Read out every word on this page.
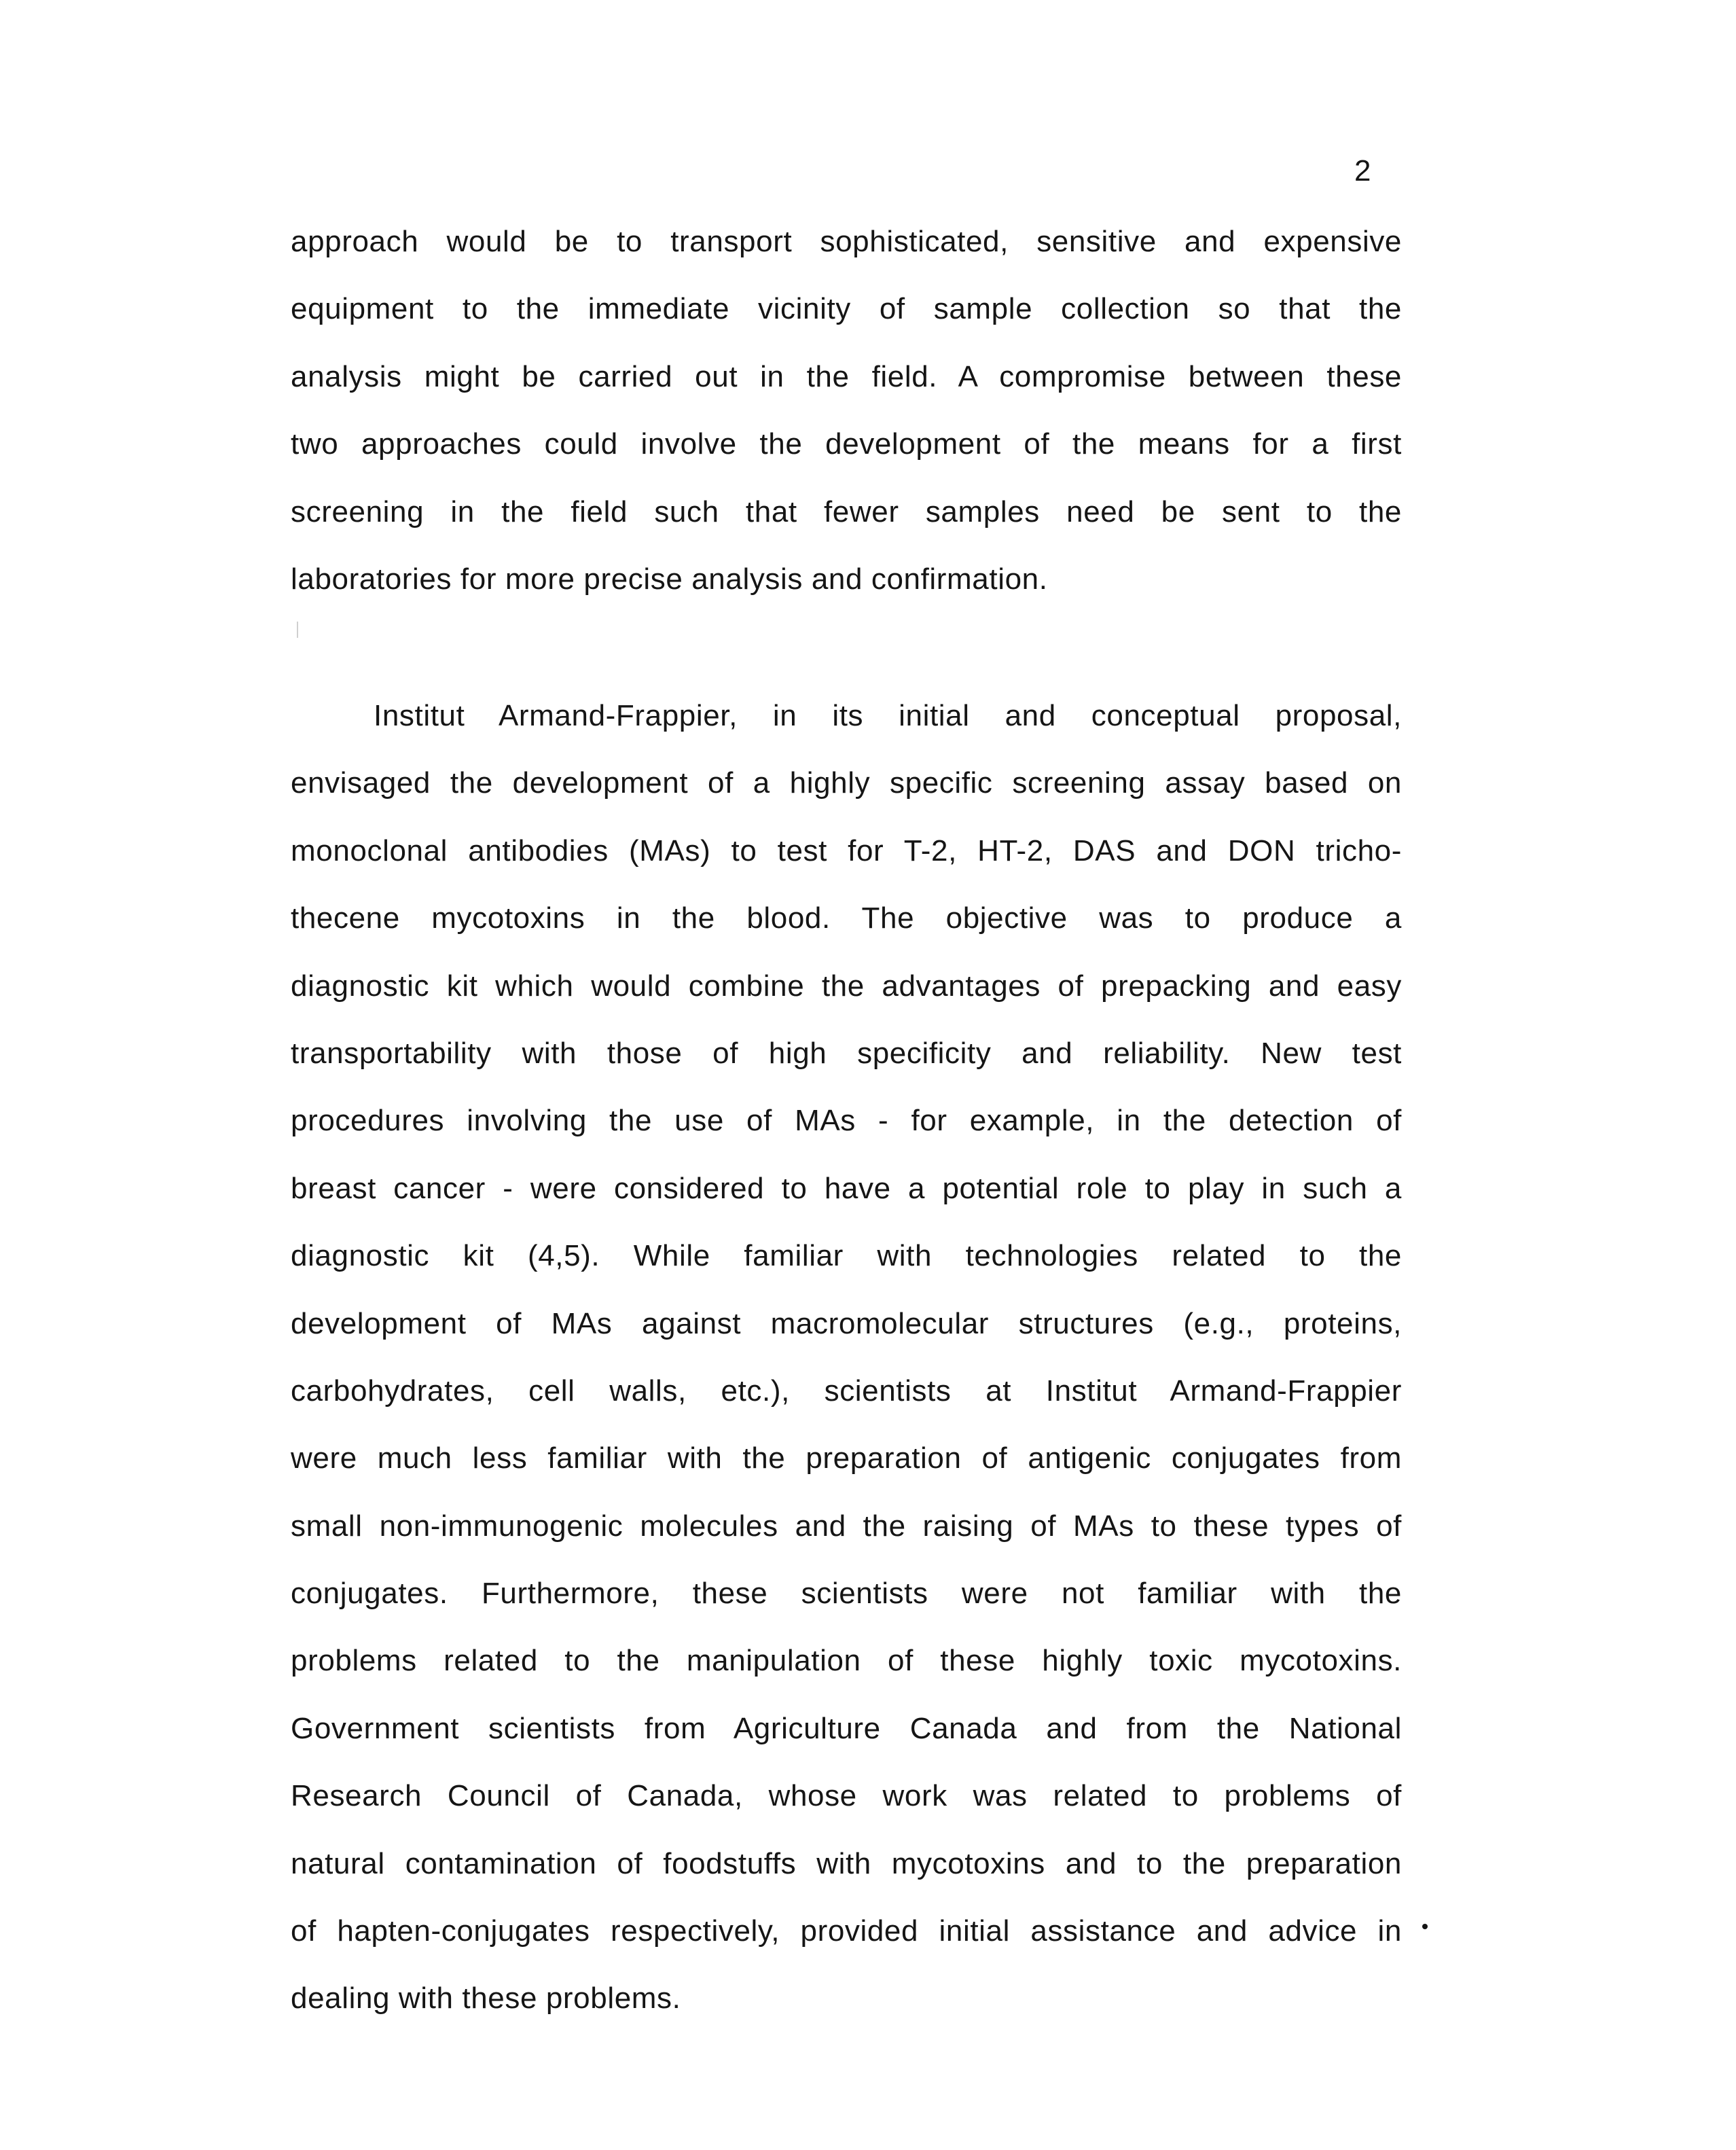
2
approach would be to transport sophisticated, sensitive and expensive
equipment to the immediate vicinity of sample collection so that the
analysis might be carried out in the field. A compromise between these
two approaches could involve the development of the means for a first
screening in the field such that fewer samples need be sent to the
laboratories for more precise analysis and confirmation.
Institut Armand-Frappier, in its initial and conceptual proposal,
envisaged the development of a highly specific screening assay based on
monoclonal antibodies (MAs) to test for T-2, HT-2, DAS and DON tricho-
thecene mycotoxins in the blood. The objective was to produce a
diagnostic kit which would combine the advantages of prepacking and easy
transportability with those of high specificity and reliability. New test
procedures involving the use of MAs - for example, in the detection of
breast cancer - were considered to have a potential role to play in such a
diagnostic kit (4,5). While familiar with technologies related to the
development of MAs against macromolecular structures (e.g., proteins,
carbohydrates, cell walls, etc.), scientists at Institut Armand-Frappier
were much less familiar with the preparation of antigenic conjugates from
small non-immunogenic molecules and the raising of MAs to these types of
conjugates. Furthermore, these scientists were not familiar with the
problems related to the manipulation of these highly toxic mycotoxins.
Government scientists from Agriculture Canada and from the National
Research Council of Canada, whose work was related to problems of
natural contamination of foodstuffs with mycotoxins and to the preparation
of hapten-conjugates respectively, provided initial assistance and advice in
dealing with these problems.
